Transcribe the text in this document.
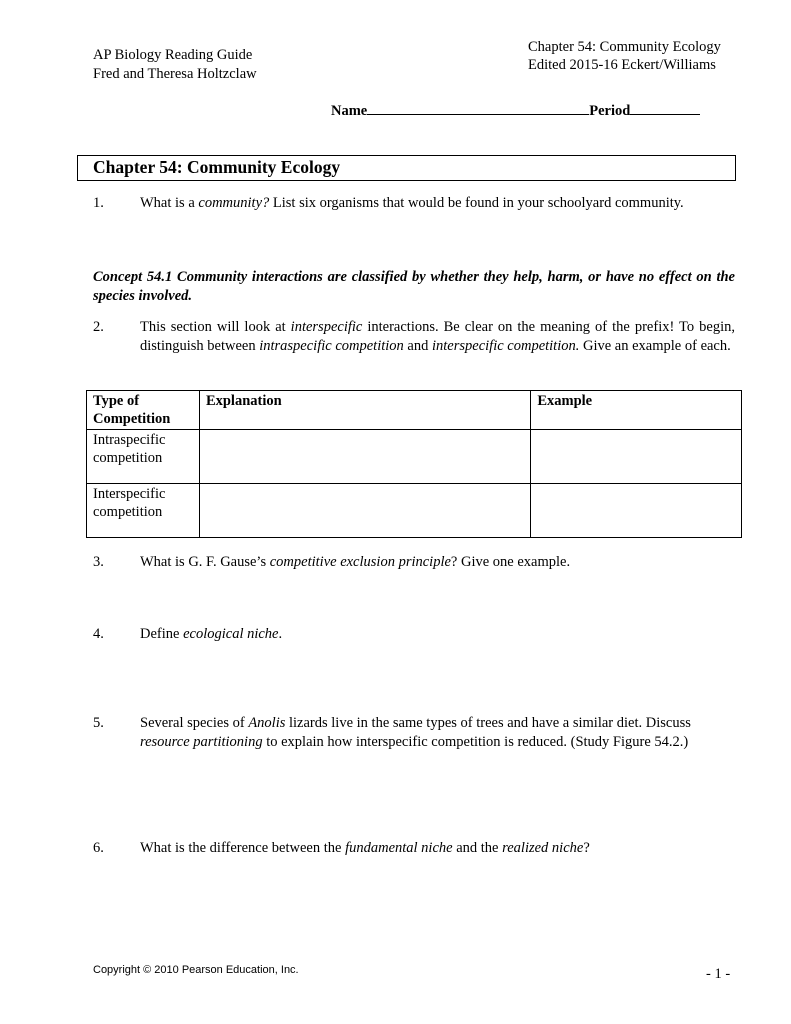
AP Biology Reading Guide
Fred and Theresa Holtzclaw
Chapter 54: Community Ecology
Edited 2015-16 Eckert/Williams
Name	Period
Chapter 54: Community Ecology
1. What is a community? List six organisms that would be found in your schoolyard community.
Concept 54.1 Community interactions are classified by whether they help, harm, or have no effect on the species involved.
2. This section will look at interspecific interactions. Be clear on the meaning of the prefix! To begin, distinguish between intraspecific competition and interspecific competition. Give an example of each.
Type of Competition	Explanation	Example
Intraspecific competition		
Interspecific competition		
3. What is G. F. Gause’s competitive exclusion principle? Give one example.
4. Define ecological niche.
5. Several species of Anolis lizards live in the same types of trees and have a similar diet. Discuss resource partitioning to explain how interspecific competition is reduced. (Study Figure 54.2.)
6. What is the difference between the fundamental niche and the realized niche?
Copyright © 2010 Pearson Education, Inc.	- 1 -
